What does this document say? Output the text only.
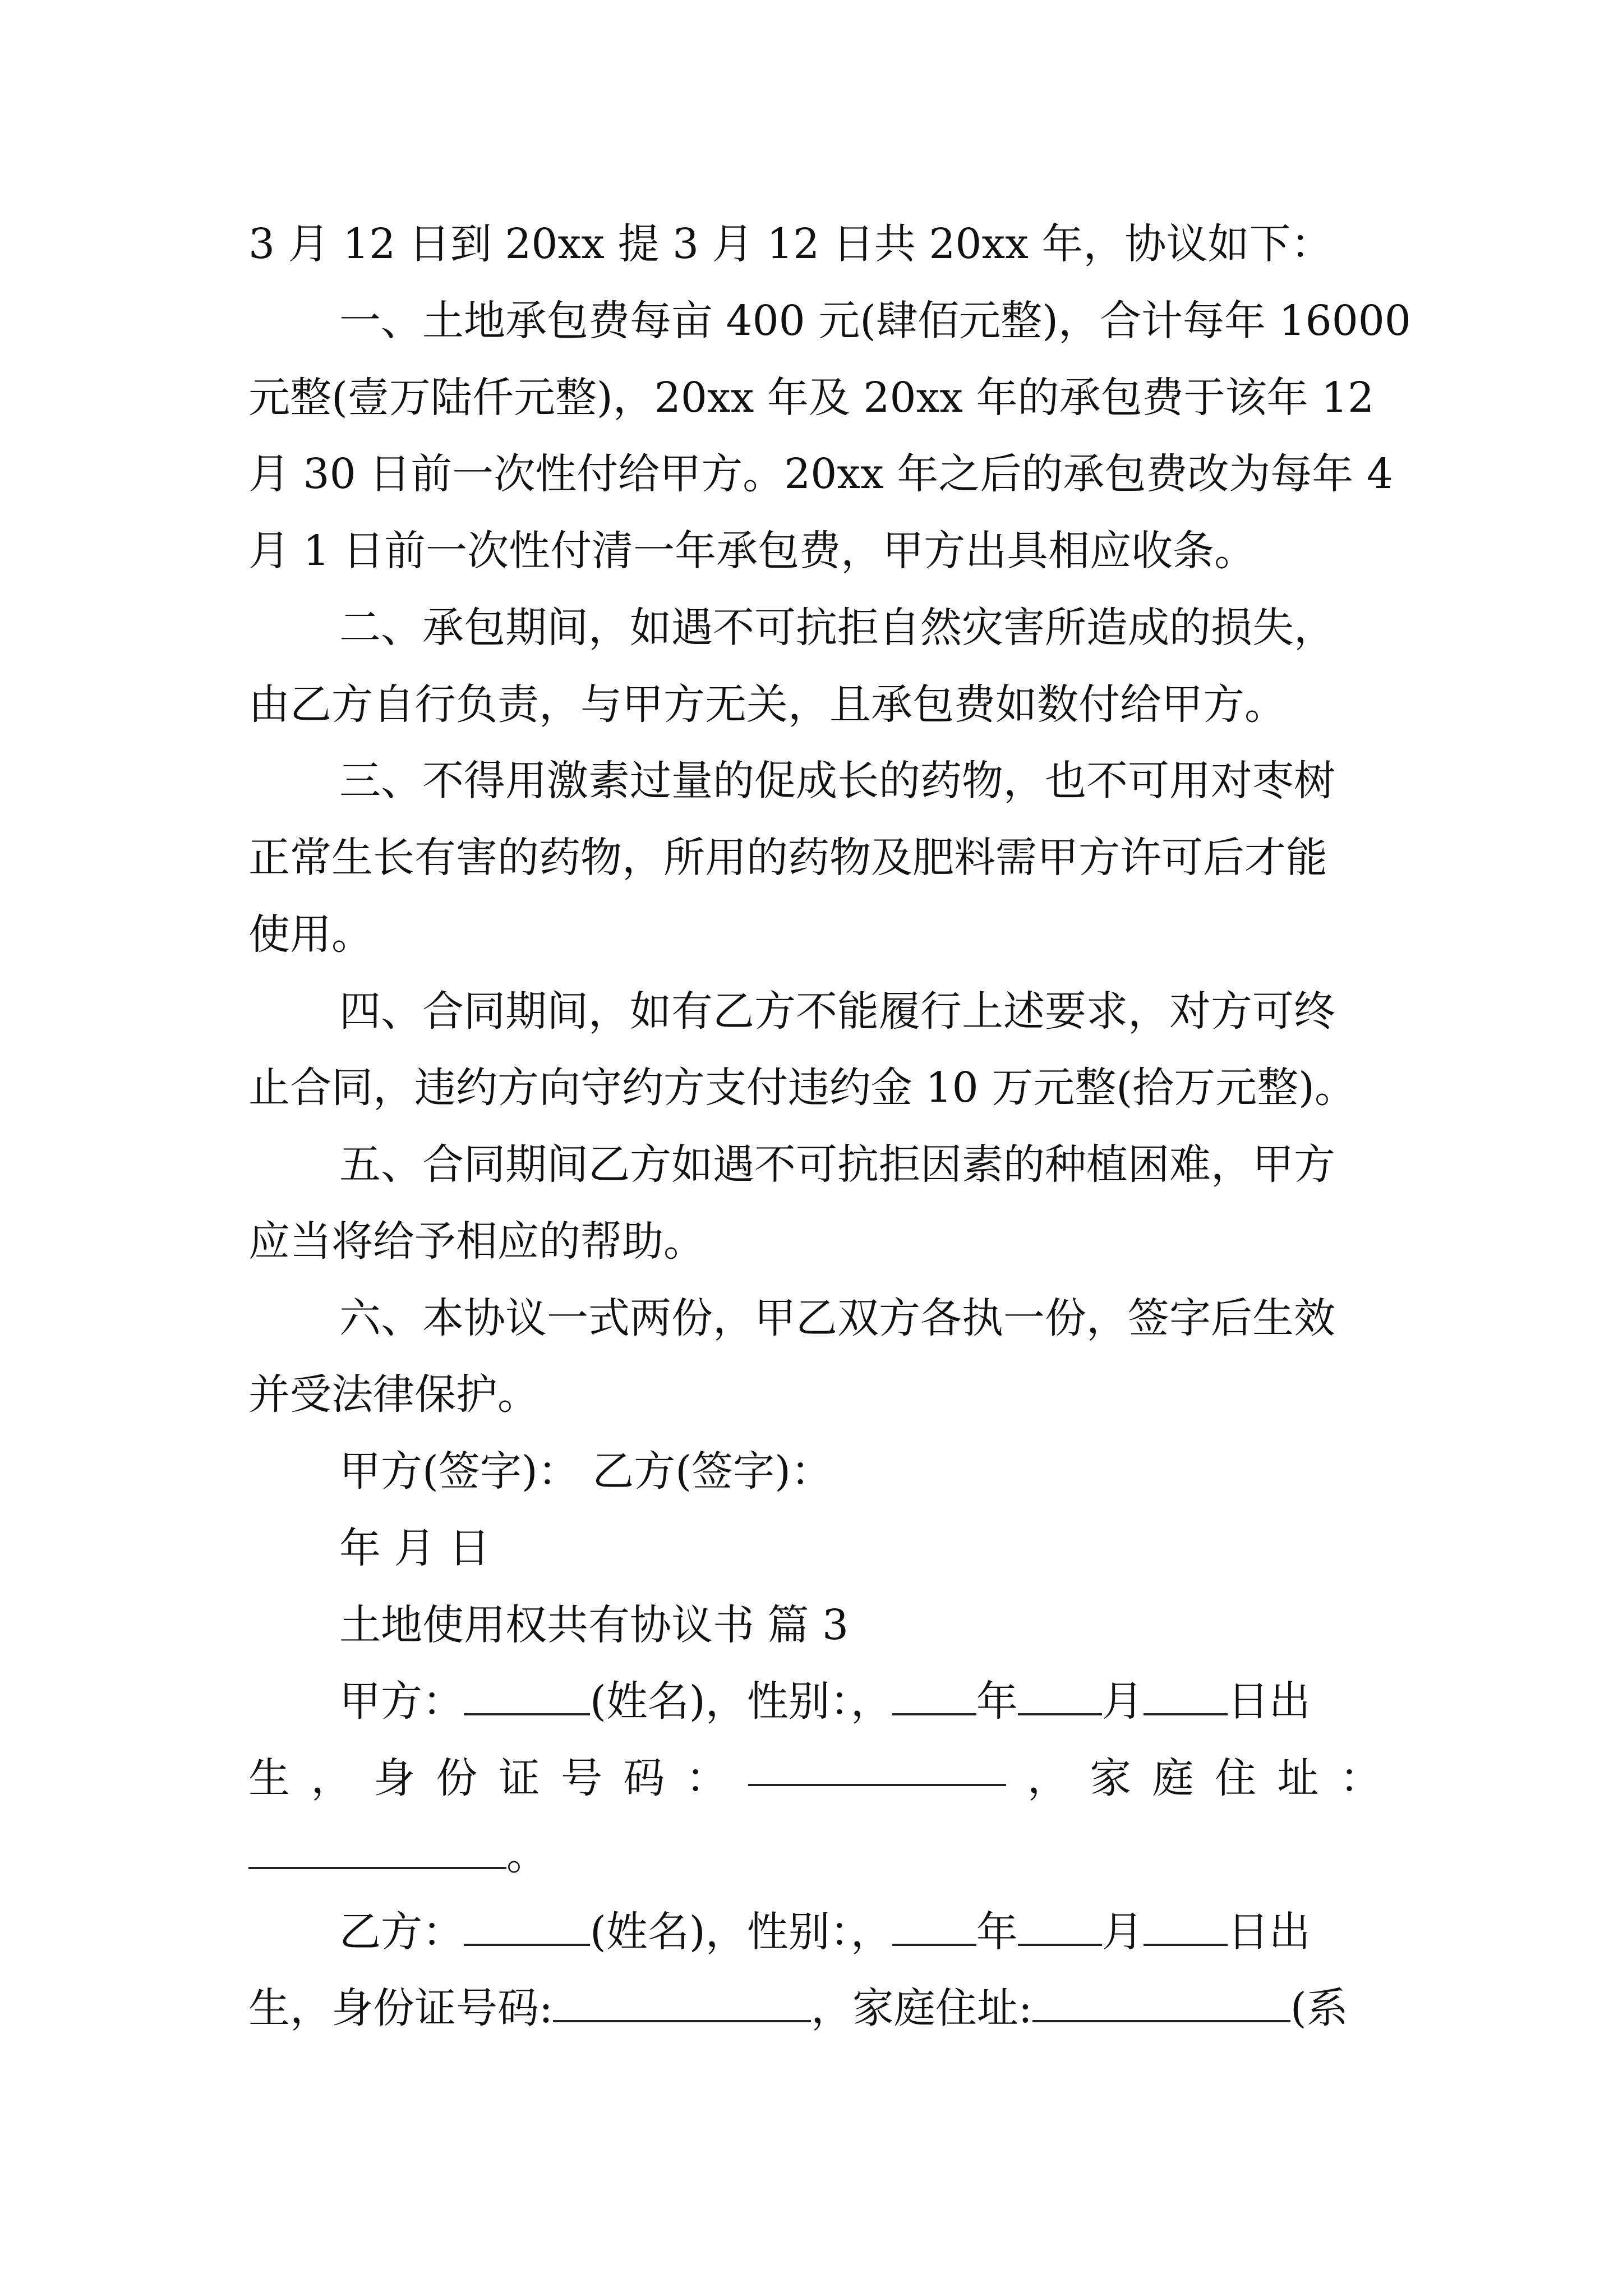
3 月 12 日到 20xx 提 3 月 12 日共 20xx 年，协议如下：
一、土地承包费每亩 400 元(肆佰元整)，合计每年 16000
元整(壹万陆仟元整)，20xx 年及 20xx 年的承包费于该年 12
月 30 日前一次性付给甲方。20xx 年之后的承包费改为每年 4
月 1 日前一次性付清一年承包费，甲方出具相应收条。
二、承包期间，如遇不可抗拒自然灾害所造成的损失，
由乙方自行负责，与甲方无关，且承包费如数付给甲方。
三、不得用激素过量的促成长的药物，也不可用对枣树
正常生长有害的药物，所用的药物及肥料需甲方许可后才能
使用。
四、合同期间，如有乙方不能履行上述要求，对方可终
止合同，违约方向守约方支付违约金 10 万元整(拾万元整)。
五、合同期间乙方如遇不可抗拒因素的种植困难，甲方
应当将给予相应的帮助。
六、本协议一式两份，甲乙双方各执一份，签字后生效
并受法律保护。
甲方(签字)： 乙方(签字)：
年 月 日
土地使用权共有协议书 篇 3
甲方：	(姓名)，性别：， 年 月 日出
生 ， 身 份 证 号 码 ：	， 家 庭 住 址 ：
。
乙方：	(姓名)，性别：， 年 月 日出
生，身份证号码:	，家庭住址:	(系
